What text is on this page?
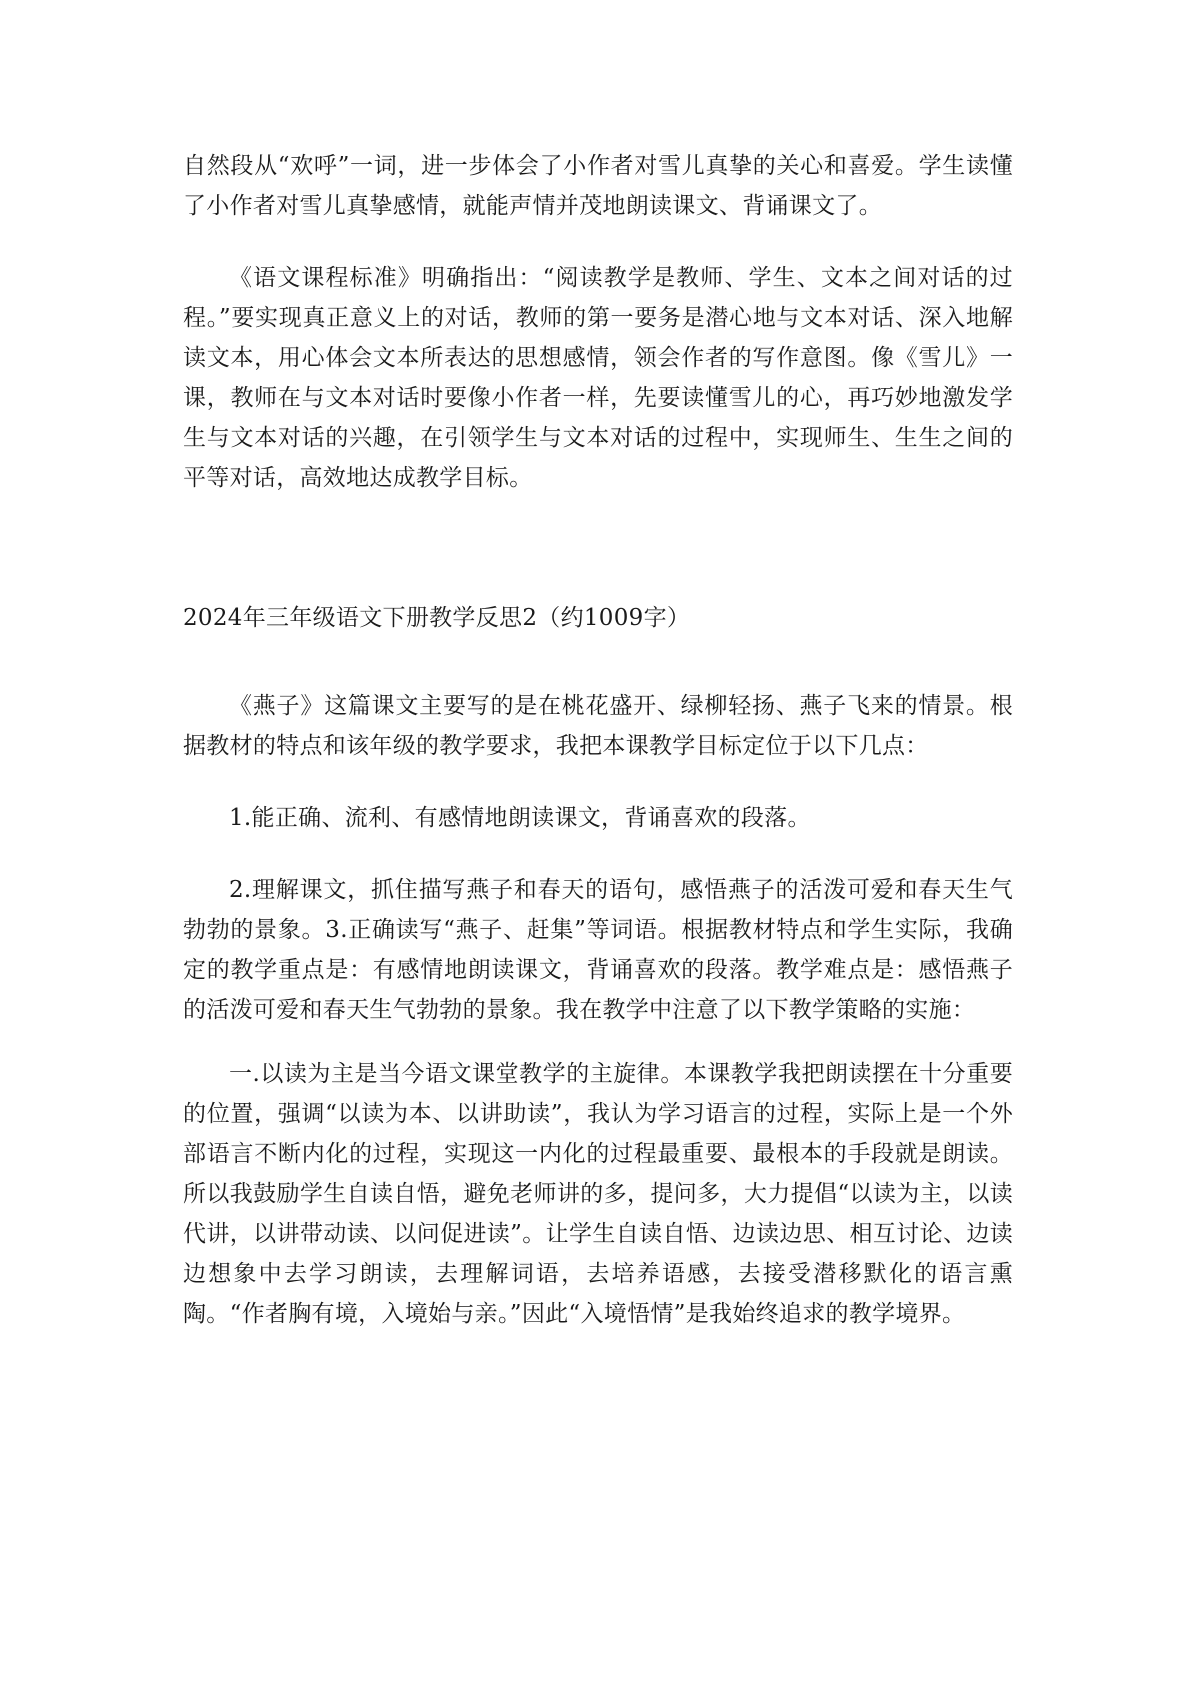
自然段从“欢呼”一词，进一步体会了小作者对雪儿真挚的关心和喜爱。学生读懂了小作者对雪儿真挚感情，就能声情并茂地朗读课文、背诵课文了。

《语文课程标准》明确指出：“阅读教学是教师、学生、文本之间对话的过程。”要实现真正意义上的对话，教师的第一要务是潜心地与文本对话、深入地解读文本，用心体会文本所表达的思想感情，领会作者的写作意图。像《雪儿》一课，教师在与文本对话时要像小作者一样，先要读懂雪儿的心，再巧妙地激发学生与文本对话的兴趣，在引领学生与文本对话的过程中，实现师生、生生之间的平等对话，高效地达成教学目标。

2024年三年级语文下册教学反思2（约1009字）

《燕子》这篇课文主要写的是在桃花盛开、绿柳轻扬、燕子飞来的情景。根据教材的特点和该年级的教学要求，我把本课教学目标定位于以下几点：

1.能正确、流利、有感情地朗读课文，背诵喜欢的段落。

2.理解课文，抓住描写燕子和春天的语句，感悟燕子的活泼可爱和春天生气勃勃的景象。3.正确读写“燕子、赶集”等词语。根据教材特点和学生实际，我确定的教学重点是：有感情地朗读课文，背诵喜欢的段落。教学难点是：感悟燕子的活泼可爱和春天生气勃勃的景象。我在教学中注意了以下教学策略的实施：

一.以读为主是当今语文课堂教学的主旋律。本课教学我把朗读摆在十分重要的位置，强调“以读为本、以讲助读”，我认为学习语言的过程，实际上是一个外部语言不断内化的过程，实现这一内化的过程最重要、最根本的手段就是朗读。所以我鼓励学生自读自悟，避免老师讲的多，提问多，大力提倡“以读为主，以读代讲，以讲带动读、以问促进读”。让学生自读自悟、边读边思、相互讨论、边读边想象中去学习朗读，去理解词语，去培养语感，去接受潜移默化的语言熏陶。“作者胸有境，入境始与亲。”因此“入境悟情”是我始终追求的教学境界。
